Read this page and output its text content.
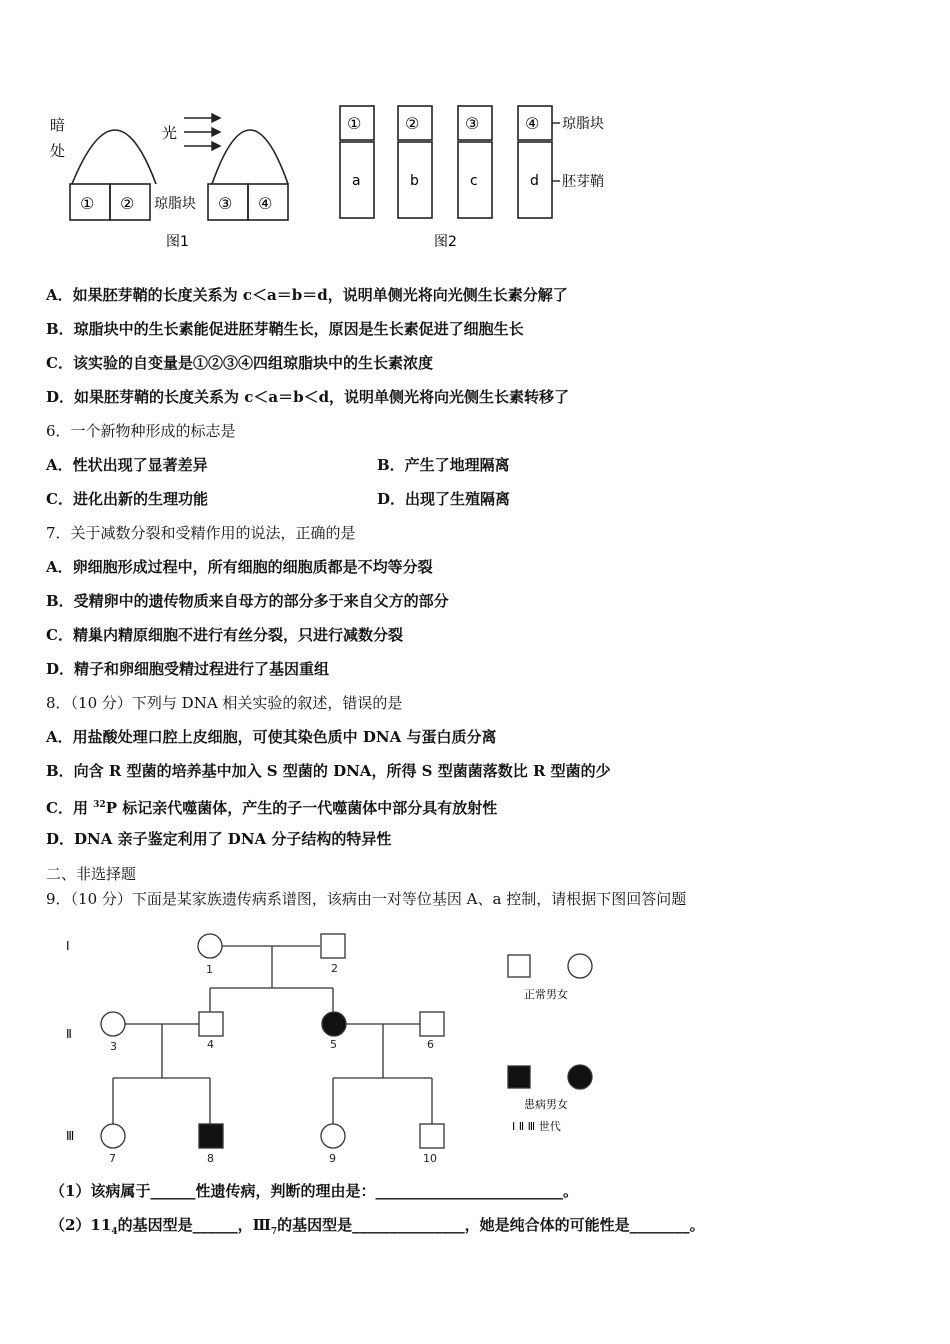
暗
处
① ②
光
琼脂块 ③ ④
图1
①
a
②
b
③
c
④
d
琼脂块
胚芽鞘
图2
A．如果胚芽鞘的长度关系为 c＜a＝b＝d，说明单侧光将向光侧生长素分解了
B．琼脂块中的生长素能促进胚芽鞘生长，原因是生长素促进了细胞生长
C．该实验的自变量是①②③④四组琼脂块中的生长素浓度
D．如果胚芽鞘的长度关系为 c＜a＝b＜d，说明单侧光将向光侧生长素转移了
6．一个新物种形成的标志是
A．性状出现了显著差异	B．产生了地理隔离
C．进化出新的生理功能	D．出现了生殖隔离
7．关于减数分裂和受精作用的说法，正确的是
A．卵细胞形成过程中，所有细胞的细胞质都是不均等分裂
B．受精卵中的遗传物质来自母方的部分多于来自父方的部分
C．精巢内精原细胞不进行有丝分裂，只进行减数分裂
D．精子和卵细胞受精过程进行了基因重组
8．（10 分）下列与 DNA 相关实验的叙述，错误的是
A．用盐酸处理口腔上皮细胞，可使其染色质中 DNA 与蛋白质分离
B．向含 R 型菌的培养基中加入 S 型菌的 DNA，所得 S 型菌菌落数比 R 型菌的少
C．用 $^{32}$P 标记亲代噬菌体，产生的子一代噬菌体中部分具有放射性
D．DNA 亲子鉴定利用了 DNA 分子结构的特异性
二、非选择题
9．（10 分）下面是某家族遗传病系谱图，该病由一对等位基因 A、a 控制，请根据下图回答问题
Ⅰ
Ⅱ
Ⅲ
1	2
3	4	5	6
7	8	9	10
正常男女
患病男女
Ⅰ Ⅱ Ⅲ 世代
（1）该病属于______性遗传病，判断的理由是：_________________________。
$(2)11_4$的基因型是______，$Ⅲ_7$的基因型是_______________，她是纯合体的可能性是________。
